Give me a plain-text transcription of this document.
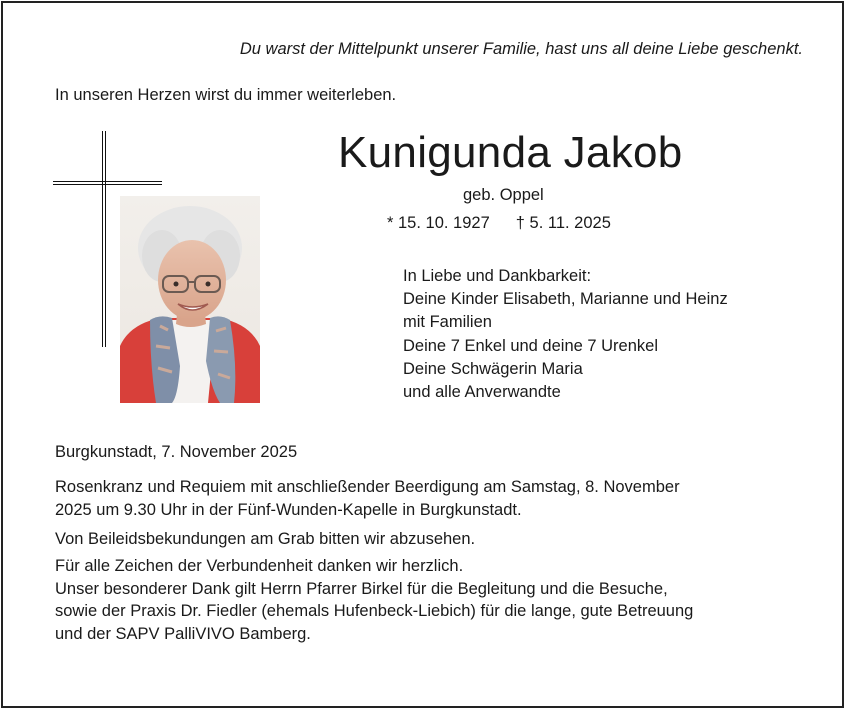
Du warst der Mittelpunkt unserer Familie, hast uns all deine Liebe geschenkt.
In unseren Herzen wirst du immer weiterleben.
Kunigunda Jakob
geb. Oppel
* 15. 10. 1927 † 5. 11. 2025
In Liebe und Dankbarkeit:
Deine Kinder Elisabeth, Marianne und Heinz
mit Familien
Deine 7 Enkel und deine 7 Urenkel
Deine Schwägerin Maria
und alle Anverwandte
Burgkunstadt, 7. November 2025
Rosenkranz und Requiem mit anschließender Beerdigung am Samstag, 8. November
2025 um 9.30 Uhr in der Fünf-Wunden-Kapelle in Burgkunstadt.
Von Beileidsbekundungen am Grab bitten wir abzusehen.
Für alle Zeichen der Verbundenheit danken wir herzlich.
Unser besonderer Dank gilt Herrn Pfarrer Birkel für die Begleitung und die Besuche,
sowie der Praxis Dr. Fiedler (ehemals Hufenbeck-Liebich) für die lange, gute Betreuung
und der SAPV PalliVIVO Bamberg.
